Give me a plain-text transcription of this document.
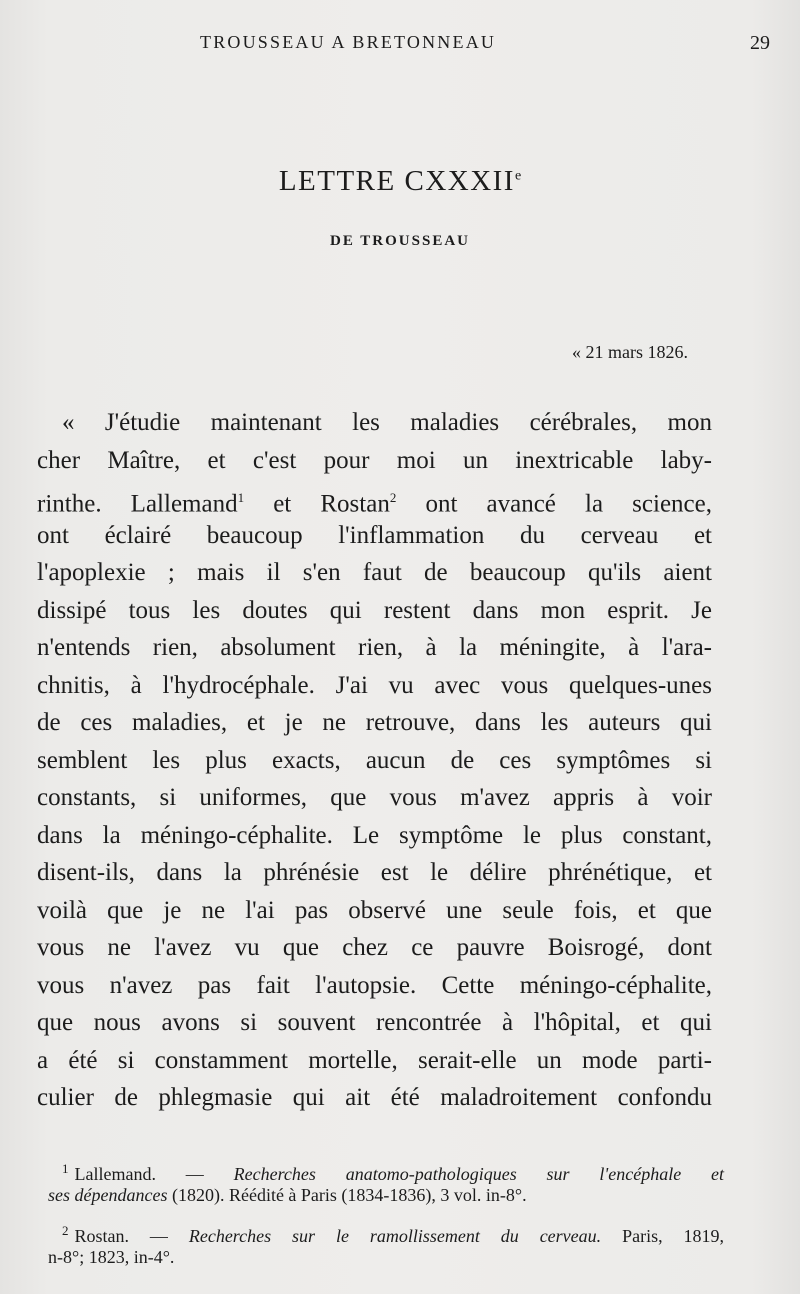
TROUSSEAU A BRETONNEAU	29
LETTRE CXXXIIe
DE TROUSSEAU
« 21 mars 1826.
« J'étudie maintenant les maladies cérébrales, mon
cher Maître, et c'est pour moi un inextricable laby-
rinthe. Lallemand$^1$ et Rostan$^2$ ont avancé la science,
ont éclairé beaucoup l'inflammation du cerveau et
l'apoplexie ; mais il s'en faut de beaucoup qu'ils aient
dissipé tous les doutes qui restent dans mon esprit. Je
n'entends rien, absolument rien, à la méningite, à l'ara-
chnitis, à l'hydrocéphale. J'ai vu avec vous quelques-unes
de ces maladies, et je ne retrouve, dans les auteurs qui
semblent les plus exacts, aucun de ces symptômes si
constants, si uniformes, que vous m'avez appris à voir
dans la méningo-céphalite. Le symptôme le plus constant,
disent-ils, dans la phrénésie est le délire phrénétique, et
voilà que je ne l'ai pas observé une seule fois, et que
vous ne l'avez vu que chez ce pauvre Boisrogé, dont
vous n'avez pas fait l'autopsie. Cette méningo-céphalite,
que nous avons si souvent rencontrée à l'hôpital, et qui
a été si constamment mortelle, serait-elle un mode parti-
culier de phlegmasie qui ait été maladroitement confondu
$^1$ Lallemand. — Recherches anatomo-pathologiques sur l'encéphale et
ses dépendances (1820). Réédité à Paris (1834-1836), 3 vol. in-8°.
$^2$ Rostan. — Recherches sur le ramollissement du cerveau. Paris, 1819,
n-8°; 1823, in-4°.
